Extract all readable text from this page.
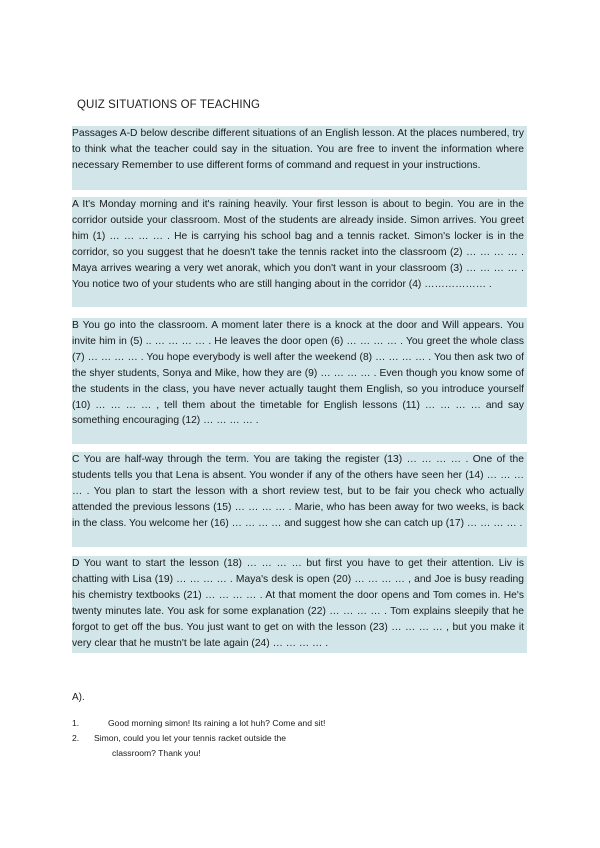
QUIZ SITUATIONS OF TEACHING

Passages A-D below describe different situations of an English lesson. At the places numbered, try to think what the teacher could say in the situation. You are free to invent the information where necessary Remember to use different forms of command and request in your instructions.

A It's Monday morning and it's raining heavily. Your first lesson is about to begin. You are in the corridor outside your classroom. Most of the students are already inside. Simon arrives. You greet him (1) … … … … . He is carrying his school bag and a tennis racket. Simon's locker is in the corridor, so you suggest that he doesn't take the tennis racket into the classroom (2) … … … … . Maya arrives wearing a very wet anorak, which you don't want in your classroom (3) … … … … . You notice two of your students who are still hanging about in the corridor (4) ……………… .

B You go into the classroom. A moment later there is a knock at the door and Will appears. You invite him in (5) .. … … … … . He leaves the door open (6) … … … … . You greet the whole class (7) … … … … . You hope everybody is well after the weekend (8) … … … … . You then ask two of the shyer students, Sonya and Mike, how they are (9) … … … … . Even though you know some of the students in the class, you have never actually taught them English, so you introduce yourself (10) … … … … , tell them about the timetable for English lessons (11) … … … … and say something encouraging (12) … … … … .

C You are half-way through the term. You are taking the register (13) … … … … . One of the students tells you that Lena is absent. You wonder if any of the others have seen her (14) … … … … . You plan to start the lesson with a short review test, but to be fair you check who actually attended the previous lessons (15) … … … … . Marie, who has been away for two weeks, is back in the class. You welcome her (16) … … … … and suggest how she can catch up (17) … … … … .

D You want to start the lesson (18) … … … … but first you have to get their attention. Liv is chatting with Lisa (19) … … … … . Maya's desk is open (20) … … … … , and Joe is busy reading his chemistry textbooks (21) … … … … . At that moment the door opens and Tom comes in. He's twenty minutes late. You ask for some explanation (22) … … … … . Tom explains sleepily that he forgot to get off the bus. You just want to get on with the lesson (23) … … … … , but you make it very clear that he mustn't be late again (24) … … … … .

A).
1.	Good morning simon! Its raining a lot huh? Come and sit!
2.	Simon, could you let your tennis racket outside the
classroom? Thank you!
